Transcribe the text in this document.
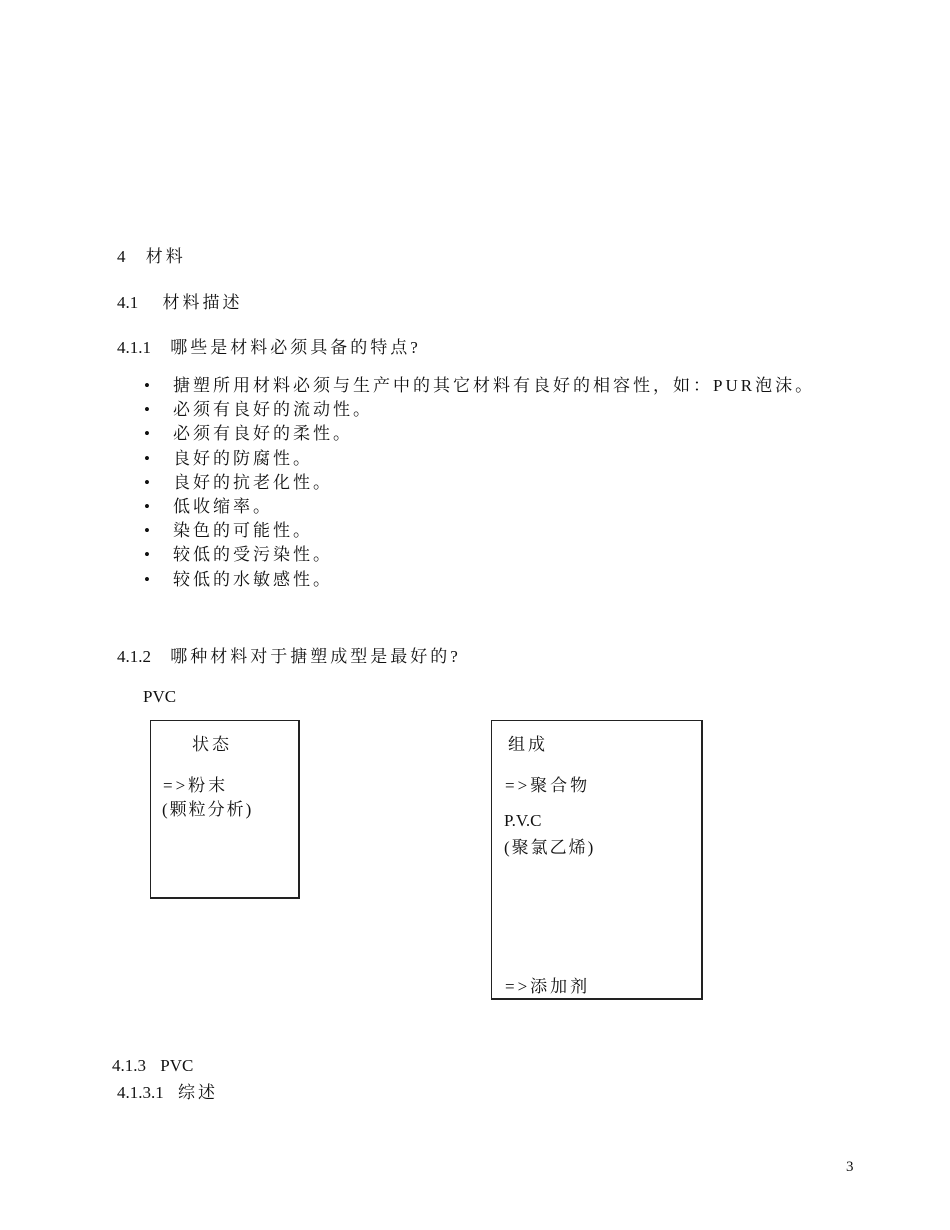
4 材料
4.1 材料描述
4.1.1 哪些是材料必须具备的特点?
• 搪塑所用材料必须与生产中的其它材料有良好的相容性，如：PUR泡沫。
• 必须有良好的流动性。
• 必须有良好的柔性。
• 良好的防腐性。
• 良好的抗老化性。
• 低收缩率。
• 染色的可能性。
• 较低的受污染性。
• 较低的水敏感性。
4.1.2 哪种材料对于搪塑成型是最好的?
PVC
状态
=>粉末
(颗粒分析)
组成
=>聚合物
P.V.C
(聚氯乙烯)
=>添加剂
4.1.3 PVC
4.1.3.1 综述
3
